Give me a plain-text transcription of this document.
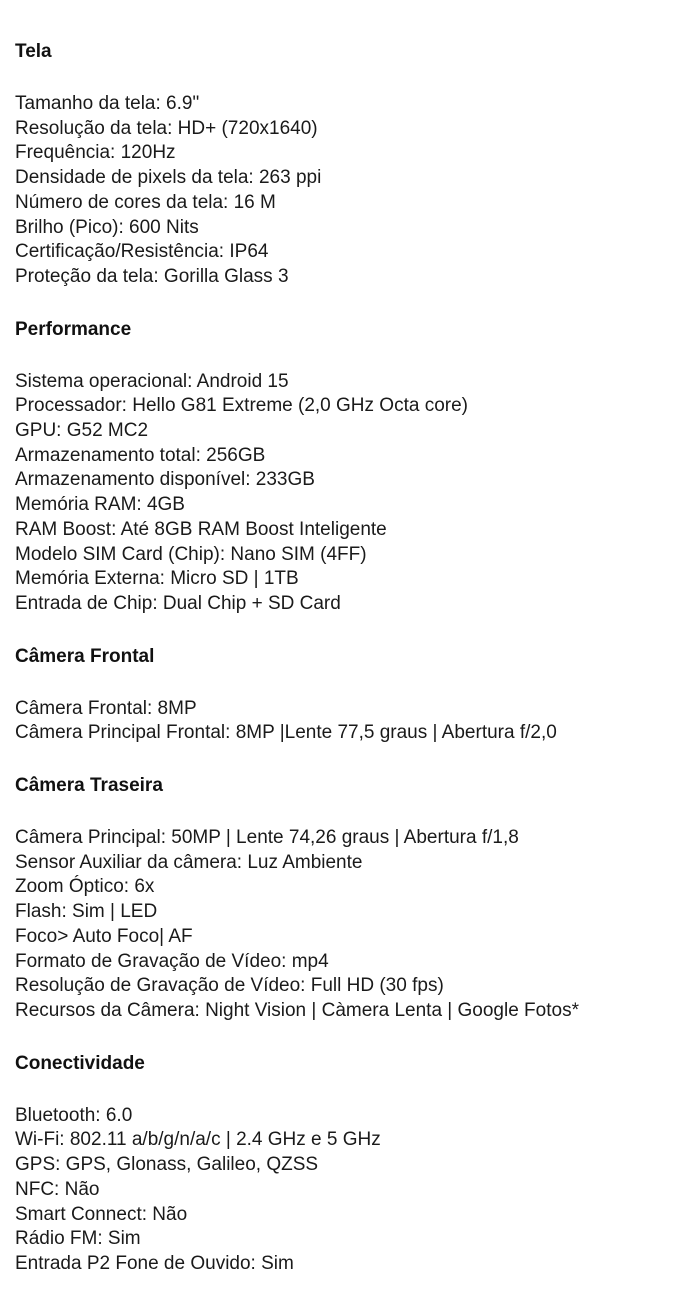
Tela
Tamanho da tela: 6.9"
Resolução da tela: HD+ (720x1640)
Frequência: 120Hz
Densidade de pixels da tela: 263 ppi
Número de cores da tela: 16 M
Brilho (Pico): 600 Nits
Certificação/Resistência: IP64
Proteção da tela: Gorilla Glass 3
Performance
Sistema operacional: Android 15
Processador: Hello G81 Extreme (2,0 GHz Octa core)
GPU: G52 MC2
Armazenamento total: 256GB
Armazenamento disponível: 233GB
Memória RAM: 4GB
RAM Boost: Até 8GB RAM Boost Inteligente
Modelo SIM Card (Chip): Nano SIM (4FF)
Memória Externa: Micro SD | 1TB
Entrada de Chip: Dual Chip + SD Card
Câmera Frontal
Câmera Frontal: 8MP
Câmera Principal Frontal: 8MP |Lente 77,5 graus | Abertura f/2,0
Câmera Traseira
Câmera Principal: 50MP | Lente 74,26 graus | Abertura f/1,8
Sensor Auxiliar da câmera: Luz Ambiente
Zoom Óptico: 6x
Flash: Sim | LED
Foco> Auto Foco| AF
Formato de Gravação de Vídeo: mp4
Resolução de Gravação de Vídeo: Full HD (30 fps)
Recursos da Câmera: Night Vision | Càmera Lenta | Google Fotos*
Conectividade
Bluetooth: 6.0
Wi-Fi: 802.11 a/b/g/n/a/c | 2.4 GHz e 5 GHz
GPS: GPS, Glonass, Galileo, QZSS
NFC: Não
Smart Connect: Não
Rádio FM: Sim
Entrada P2 Fone de Ouvido: Sim
